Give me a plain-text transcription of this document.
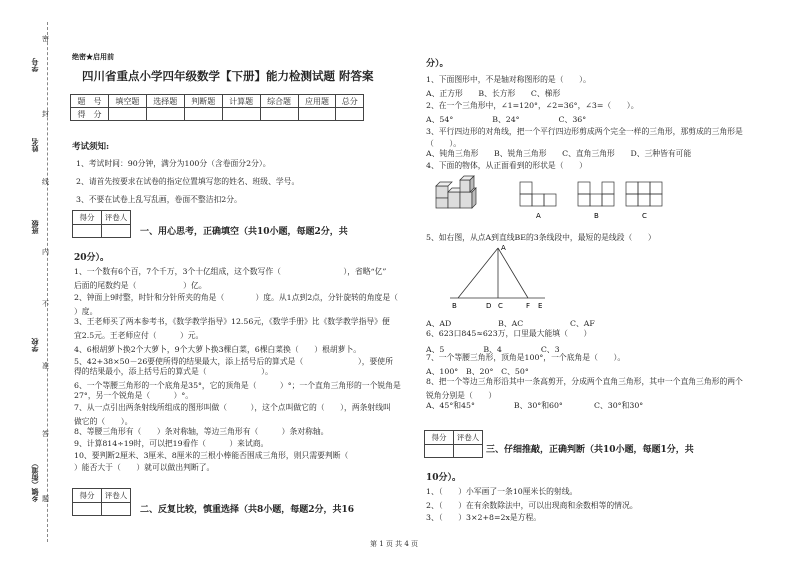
学号
姓名
班级
学校
乡镇（街道）
密
封
线
内
不
准
答
题
绝密★启用前
四川省重点小学四年级数学【下册】能力检测试题 附答案
题　号	填空题	选择题	判断题	计算题	综合题	应用题	总分
得　分							
考试须知:
1、考试时间：90分钟，满分为100分（含卷面分2分）。
2、请首先按要求在试卷的指定位置填写您的姓名、班级、学号。
3、不要在试卷上乱写乱画，卷面不整洁扣2分。
得分	评卷人

一、用心思考，正确填空（共10小题，每题2分，共
20分）。
1、一个数有6个百，7个千万，3个十亿组成，这个数写作（　　　　　　　　），省略“亿”
后面的尾数约是（　　　　　　）亿。
2、钟面上9时整，时针和分针所夹的角是（　　　　）度。从1点到2点，分针旋转的角度是（
）度。
3、王老师买了两本参考书，《数学教学指导》12.56元，《数学手册》比《数学教学指导》便
宜2.5元。王老师应付（　　　）元。
4、6根胡萝卜换2个大萝卜，9个大萝卜换3棵白菜，6棵白菜换（　　）根胡萝卜。
5、42+38×50－26要使所得的结果最大，添上括号后的算式是（　　　　　　　），要使所
得的结果最小，添上括号后的算式是（　　　　　　　）。
6、一个等腰三角形的一个底角是35°，它的顶角是（　　　）°；一个直角三角形的一个锐角是
27°，另一个锐角是（　　　）°。
7、从一点引出两条射线所组成的图形叫做（　　　），这个点叫做它的（　　），两条射线叫
做它的（　　）。
8、等腰三角形有（　　）条对称轴，等边三角形有（　　　）条对称轴。
9、计算814÷19时，可以把19看作（　　　）来试商。
10、要判断2厘米、3厘米、8厘米的三根小棒能否围成三角形，则只需要判断（
）能否大于（　　）就可以做出判断了。
得分	评卷人

二、反复比较，慎重选择（共8小题，每题2分，共16
分）。
1、下面图形中，不是轴对称图形的是（　　）。
A、正方形　　B、长方形　　C、梯形
2、在一个三角形中，∠1=120°，∠2=36°，∠3=（　　）。
A、54°　　　　　B、24°　　　　　C、36°
3、平行四边形的对角线，把一个平行四边形剪成两个完全一样的三角形，那剪成的三角形是
（　　）。
A、钝角三角形　　B、锐角三角形　　C、直角三角形　　D、三种皆有可能
4、下面的物体，从正面看到的形状是（　　）
5、如右图，从点A到直线BE的3条线段中，最短的是线段（　　）
A、AD　　　　　　B、AC　　　　　　C、AF
6、623口845≈623万，口里最大能填（　　）
A、5　　　　　B、4　　　　　C、3
7、一个等腰三角形，顶角是100°，一个底角是（　　）。
A、100°　B、20°　C、50°
8、把一个等边三角形沿其中一条高剪开，分成两个直角三角形，其中一个直角三角形的两个
锐角分别是（　　）
A、45°和45°　　　　　B、30°和60°　　　　C、30°和30°
A	B	C
A
B	D C	F E
得分	评卷人

三、仔细推敲，正确判断（共10小题，每题1分，共
10分）。
1、（　　）小军画了一条10厘米长的射线。
2、（　　）在有余数除法中，可以出现商和余数相等的情况。
3、（　　）3×2+8=2x是方程。
第 1 页 共 4 页
